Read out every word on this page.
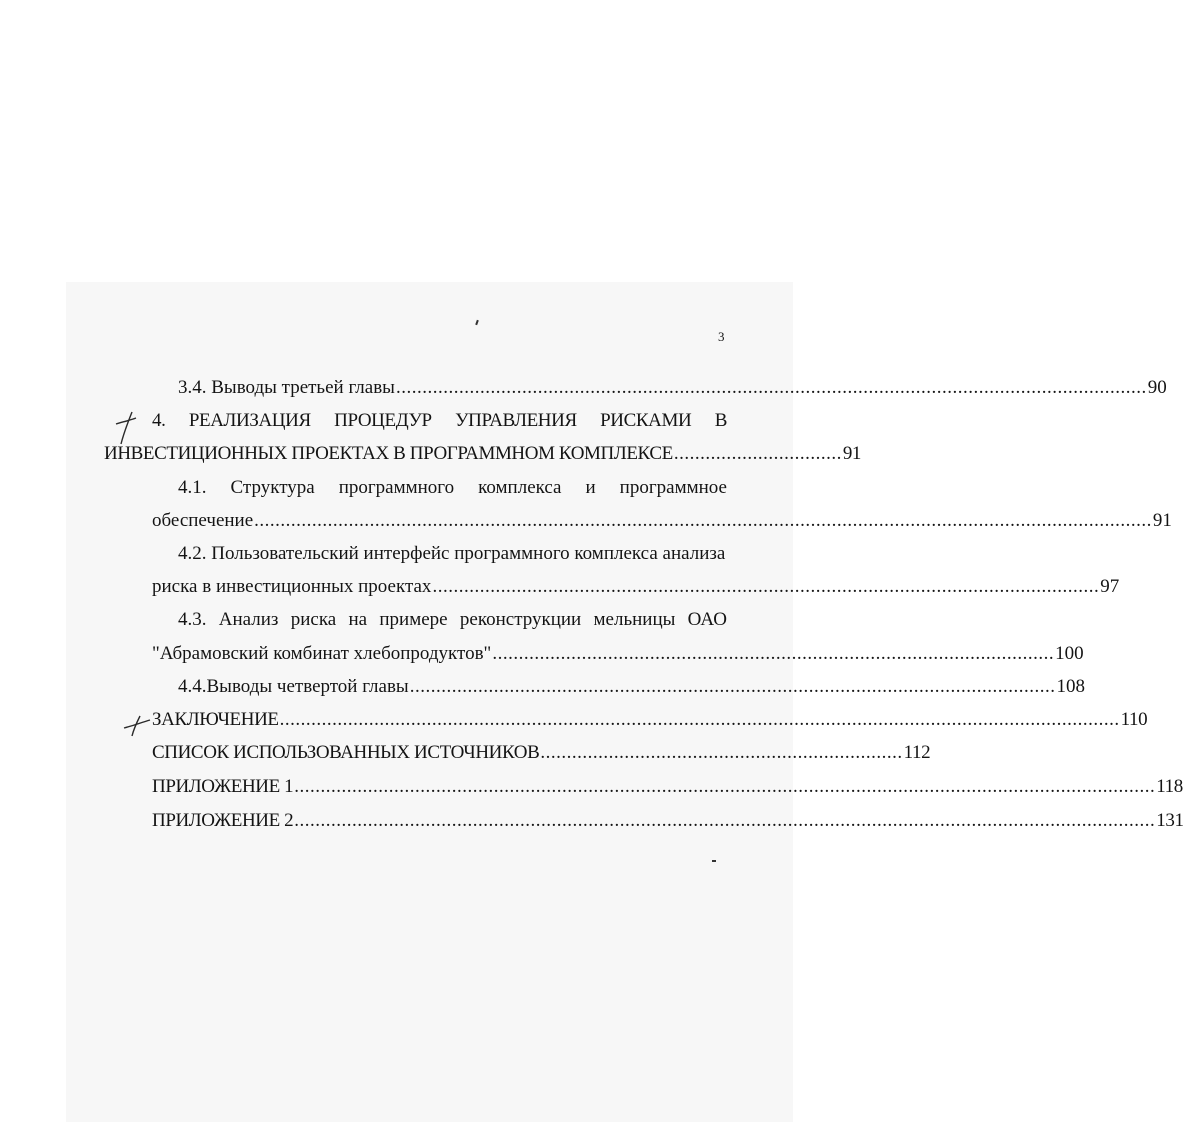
3
3.4. Выводы третьей главы ............................................................................................................................................... 90
4. РЕАЛИЗАЦИЯ ПРОЦЕДУР УПРАВЛЕНИЯ РИСКАМИ В
ИНВЕСТИЦИОННЫХ ПРОЕКТАХ В ПРОГРАММНОМ КОМПЛЕКСЕ ................................ 91
4.1. Структура программного комплекса и программное
обеспечение ........................................................................................................................................................................... 91
4.2. Пользовательский интерфейс программного комплекса анализа
риска в инвестиционных проектах ............................................................................................................................... 97
4.3. Анализ риска на примере реконструкции мельницы ОАО
"Абрамовский комбинат хлебопродуктов" ........................................................................................................... 100
4.4.Выводы четвертой главы ........................................................................................................................... 108
ЗАКЛЮЧЕНИЕ ................................................................................................................................................................ 110
СПИСОК ИСПОЛЬЗОВАННЫХ ИСТОЧНИКОВ ..................................................................... 112
ПРИЛОЖЕНИЕ 1 .................................................................................................................................................................... 118
ПРИЛОЖЕНИЕ 2 .................................................................................................................................................................... 131
